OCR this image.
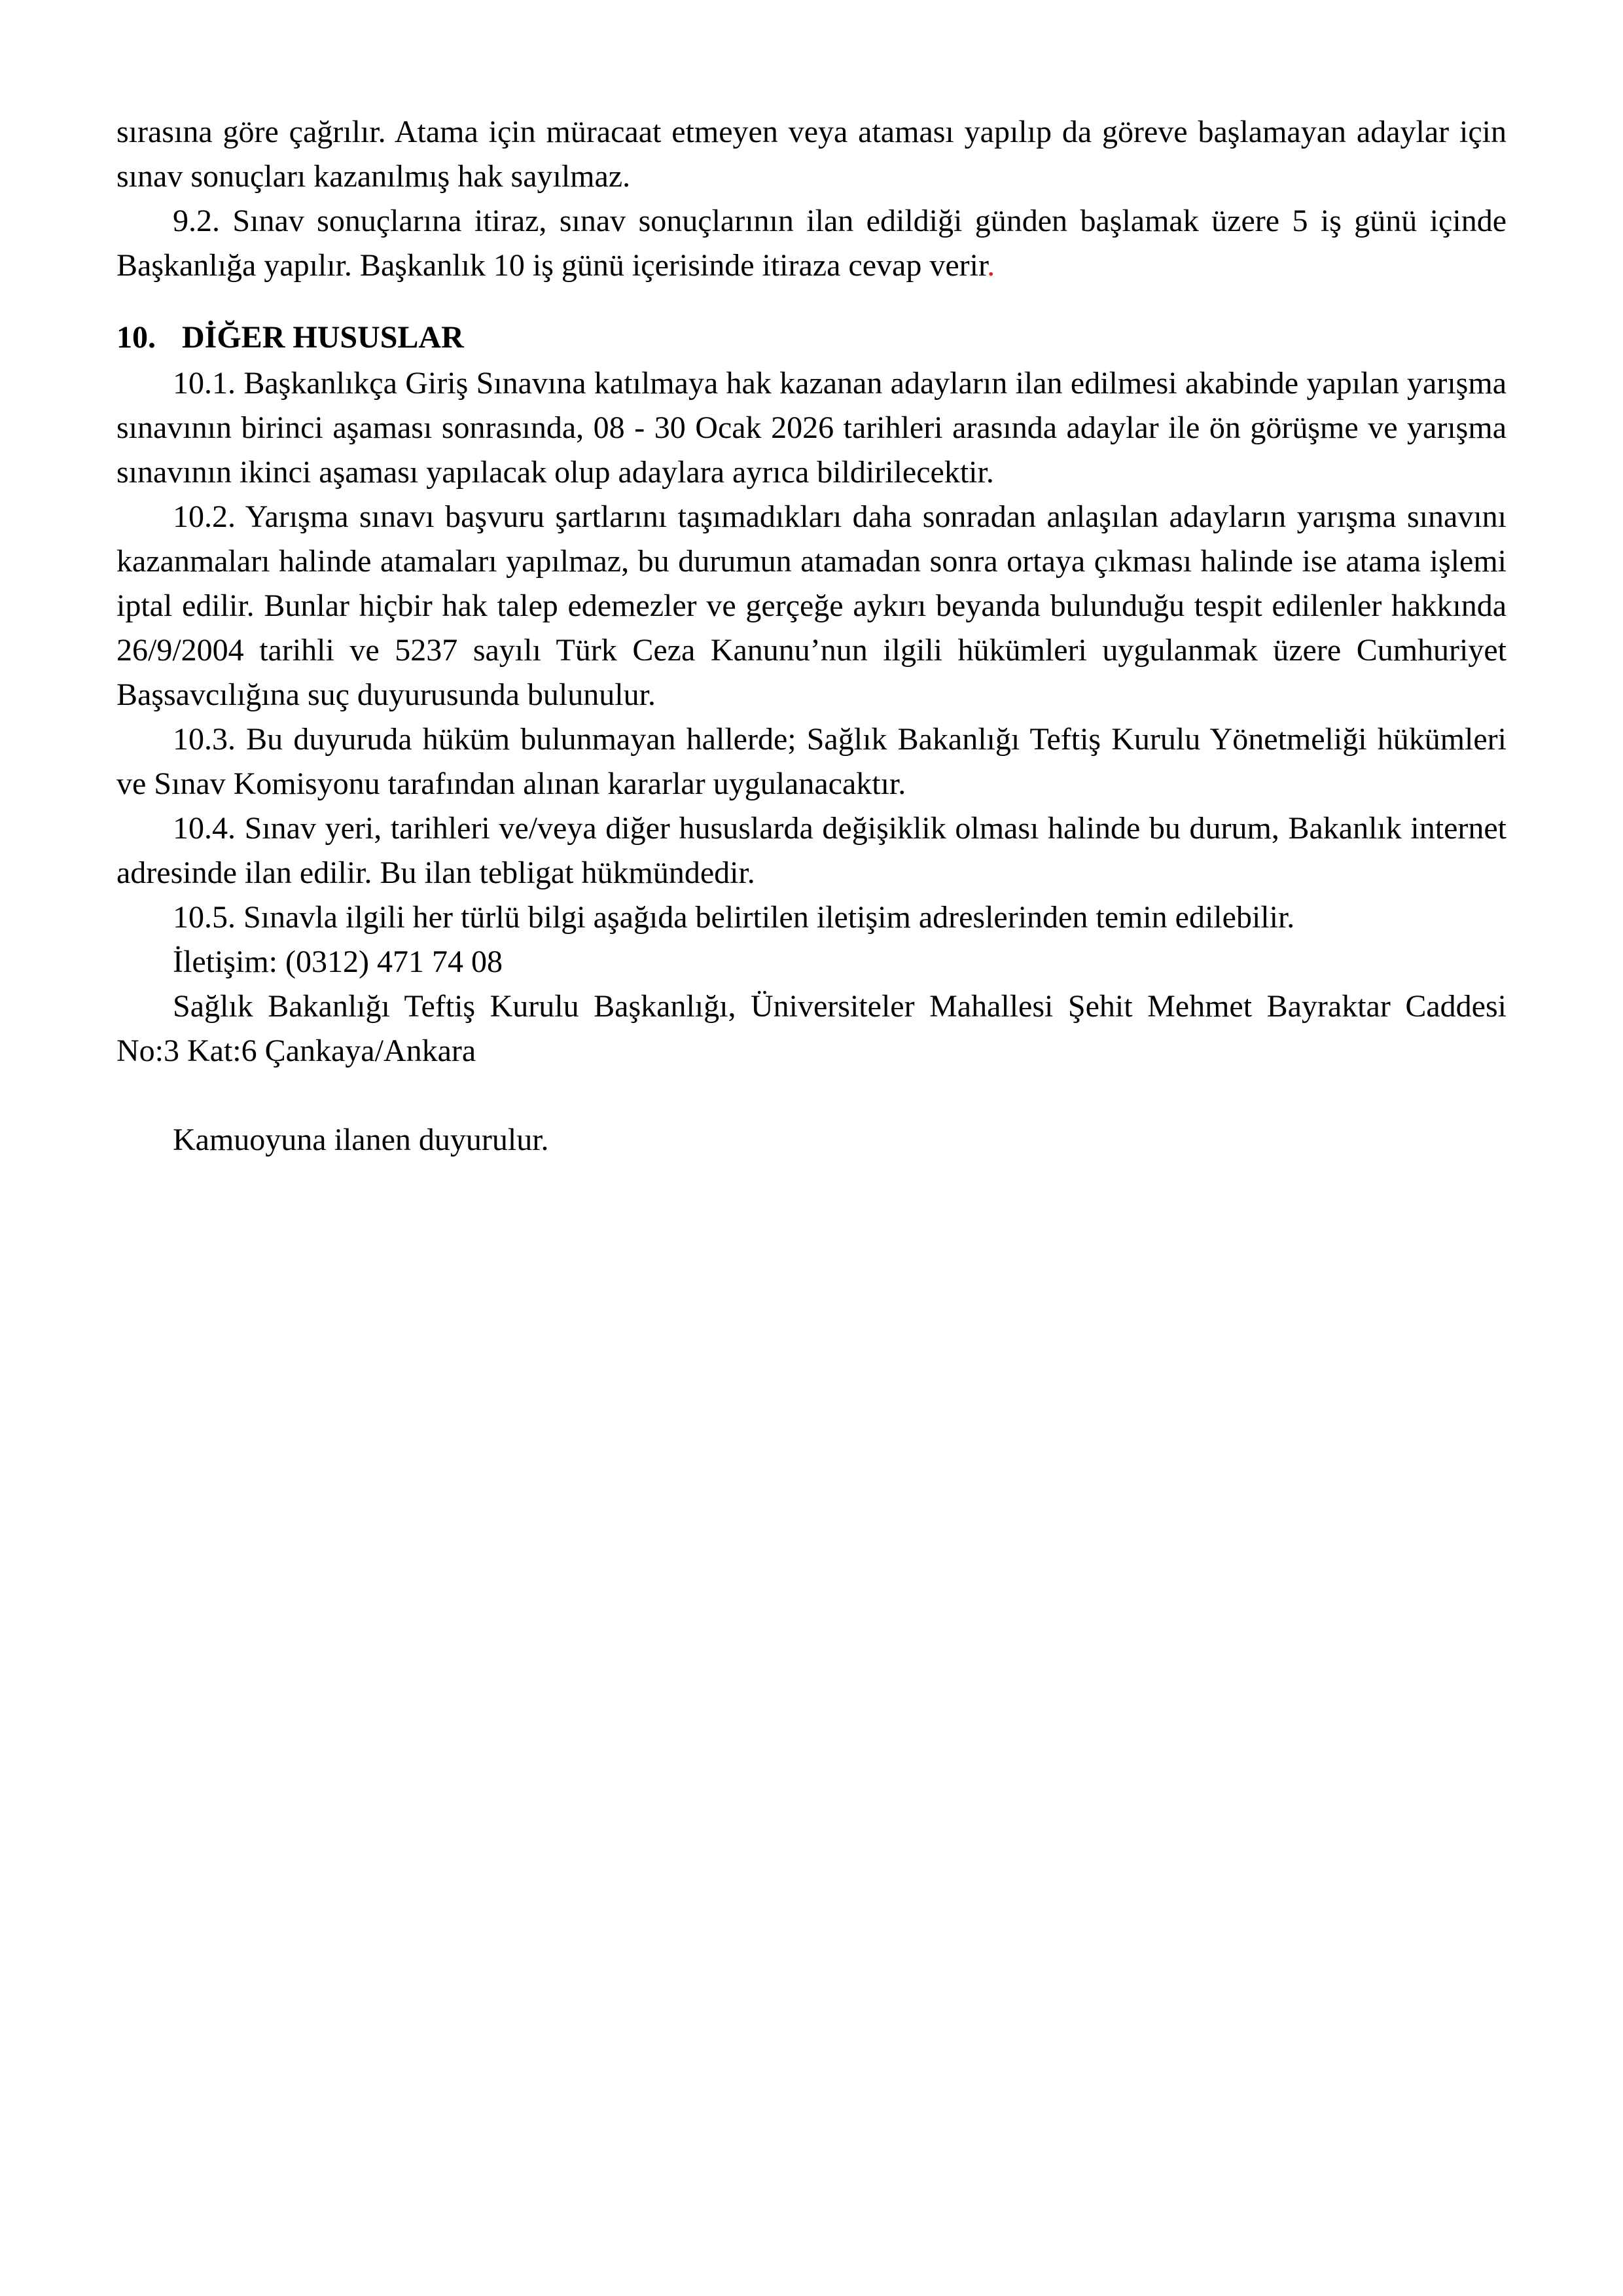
sırasına göre çağrılır. Atama için müracaat etmeyen veya ataması yapılıp da göreve başlamayan adaylar için sınav sonuçları kazanılmış hak sayılmaz.

9.2. Sınav sonuçlarına itiraz, sınav sonuçlarının ilan edildiği günden başlamak üzere 5 iş günü içinde Başkanlığa yapılır. Başkanlık 10 iş günü içerisinde itiraza cevap verir.

10. DİĞER HUSUSLAR

10.1. Başkanlıkça Giriş Sınavına katılmaya hak kazanan adayların ilan edilmesi akabinde yapılan yarışma sınavının birinci aşaması sonrasında, 08 - 30 Ocak 2026 tarihleri arasında adaylar ile ön görüşme ve yarışma sınavının ikinci aşaması yapılacak olup adaylara ayrıca bildirilecektir.

10.2. Yarışma sınavı başvuru şartlarını taşımadıkları daha sonradan anlaşılan adayların yarışma sınavını kazanmaları halinde atamaları yapılmaz, bu durumun atamadan sonra ortaya çıkması halinde ise atama işlemi iptal edilir. Bunlar hiçbir hak talep edemezler ve gerçeğe aykırı beyanda bulunduğu tespit edilenler hakkında 26/9/2004 tarihli ve 5237 sayılı Türk Ceza Kanunu’nun ilgili hükümleri uygulanmak üzere Cumhuriyet Başsavcılığına suç duyurusunda bulunulur.

10.3. Bu duyuruda hüküm bulunmayan hallerde; Sağlık Bakanlığı Teftiş Kurulu Yönetmeliği hükümleri ve Sınav Komisyonu tarafından alınan kararlar uygulanacaktır.

10.4. Sınav yeri, tarihleri ve/veya diğer hususlarda değişiklik olması halinde bu durum, Bakanlık internet adresinde ilan edilir. Bu ilan tebligat hükmündedir.

10.5. Sınavla ilgili her türlü bilgi aşağıda belirtilen iletişim adreslerinden temin edilebilir.

İletişim: (0312) 471 74 08

Sağlık Bakanlığı Teftiş Kurulu Başkanlığı, Üniversiteler Mahallesi Şehit Mehmet Bayraktar Caddesi No:3 Kat:6 Çankaya/Ankara

Kamuoyuna ilanen duyurulur.
